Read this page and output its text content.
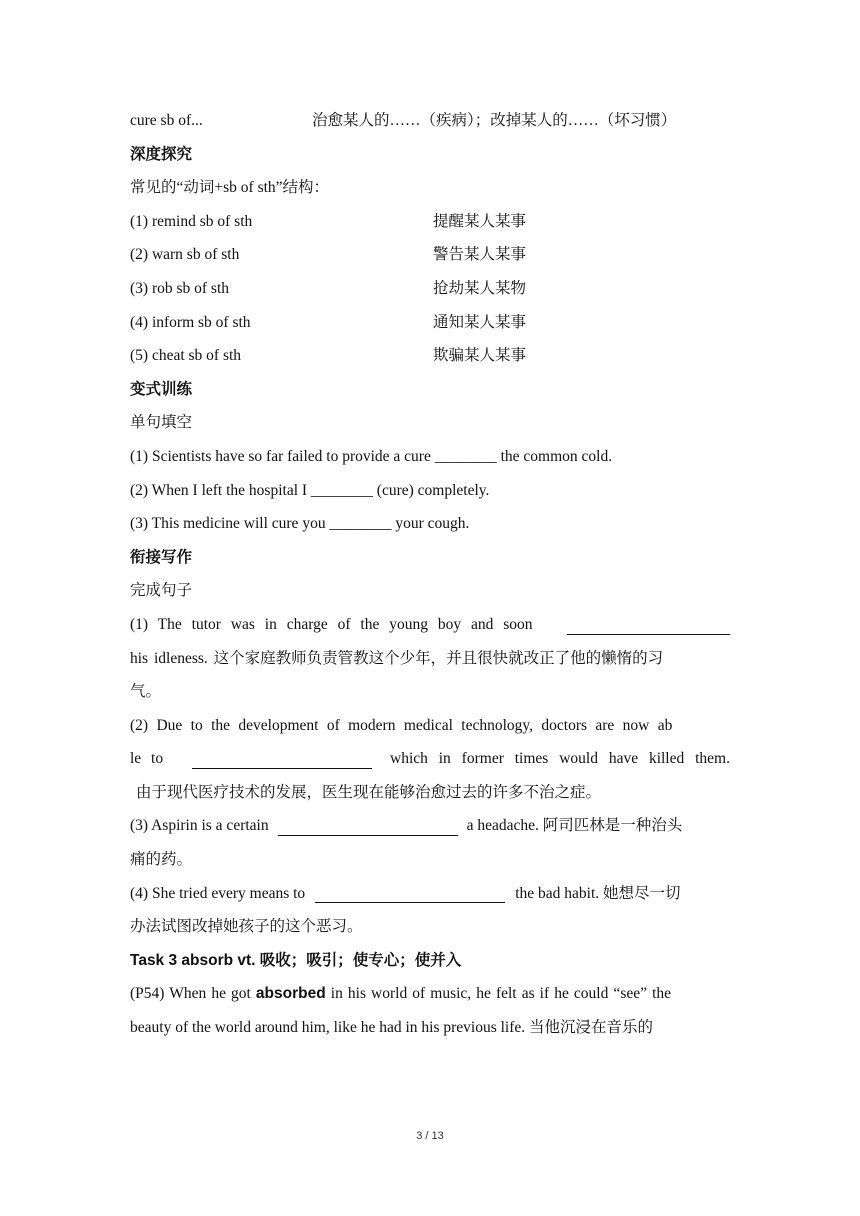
cure sb of...	治愈某人的……（疾病）；改掉某人的……（坏习惯）
深度探究
常见的“动词+sb of sth”结构：
(1) remind sb of sth	提醒某人某事
(2) warn sb of sth	警告某人某事
(3) rob sb of sth	抢劫某人某物
(4) inform sb of sth	通知某人某事
(5) cheat sb of sth	欺骗某人某事
变式训练
单句填空
(1) Scientists have so far failed to provide a cure ________ the common cold.
(2) When I left the hospital I ________ (cure) completely.
(3) This medicine will cure you ________ your cough.
衔接写作
完成句子
(1) The tutor was in charge of the young boy and soon
his idleness. 这个家庭教师负责管教这个少年，并且很快就改正了他的懒惰的习
气。
(2) Due to the development of modern medical technology, doctors are now ab
le to	which in former times would have killed them.
由于现代医疗技术的发展，医生现在能够治愈过去的许多不治之症。
(3) Aspirin is a certain	a headache. 阿司匹林是一种治头
痛的药。
(4) She tried every means to	the bad habit. 她想尽一切
办法试图改掉她孩子的这个恶习。
Task 3 absorb vt. 吸收；吸引；使专心；使并入
(P54) When he got absorbed in his world of music, he felt as if he could “see” the
beauty of the world around him, like he had in his previous life. 当他沉浸在音乐的
3 / 13
